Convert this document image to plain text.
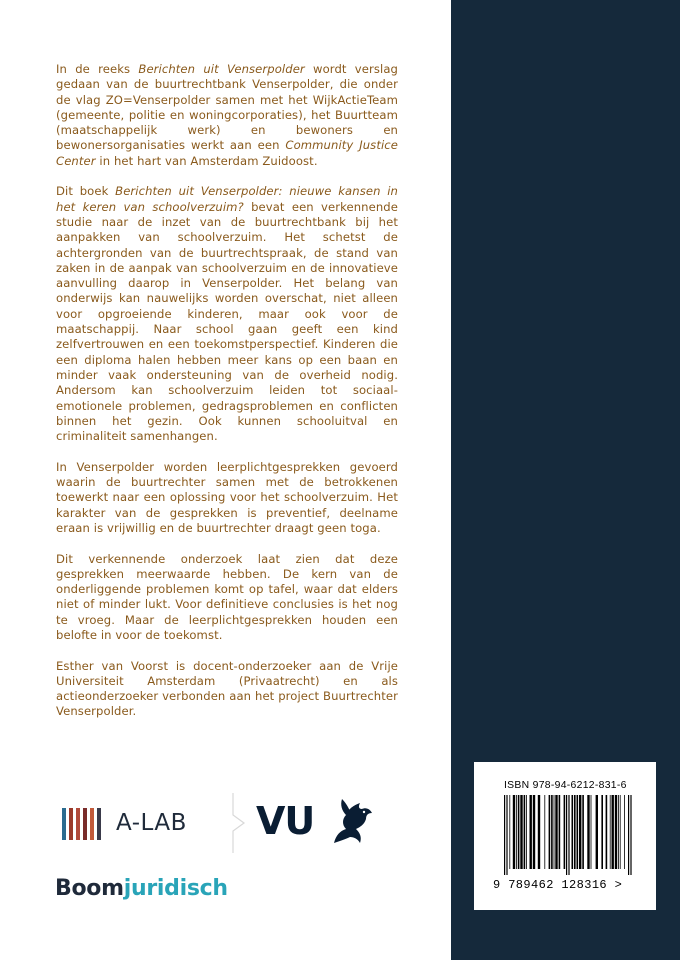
In de reeks Berichten uit Venserpolder wordt verslag gedaan van de buurtrechtbank Venserpolder, die onder de vlag ZO=Venserpolder samen met het WijkActieTeam (gemeente, politie en woningcorporaties), het Buurtteam (maatschappelijk werk) en bewoners en bewonersorganisaties werkt aan een Community Justice Center in het hart van Amsterdam Zuidoost.

Dit boek Berichten uit Venserpolder: nieuwe kansen in het keren van schoolverzuim? bevat een verkennende studie naar de inzet van de buurtrechtbank bij het aanpakken van schoolverzuim. Het schetst de achtergronden van de buurtrechtspraak, de stand van zaken in de aanpak van schoolverzuim en de innovatieve aanvulling daarop in Venserpolder. Het belang van onderwijs kan nauwelijks worden overschat, niet alleen voor opgroeiende kinderen, maar ook voor de maatschappij. Naar school gaan geeft een kind zelfvertrouwen en een toekomstperspectief. Kinderen die een diploma halen hebben meer kans op een baan en minder vaak ondersteuning van de overheid nodig. Andersom kan schoolverzuim leiden tot sociaal-emotionele problemen, gedragsproblemen en conflicten binnen het gezin. Ook kunnen schooluitval en criminaliteit samenhangen.

In Venserpolder worden leerplichtgesprekken gevoerd waarin de buurtrechter samen met de betrokkenen toewerkt naar een oplossing voor het schoolverzuim. Het karakter van de gesprekken is preventief, deelname eraan is vrijwillig en de buurtrechter draagt geen toga.

Dit verkennende onderzoek laat zien dat deze gesprekken meerwaarde hebben. De kern van de onderliggende problemen komt op tafel, waar dat elders niet of minder lukt. Voor definitieve conclusies is het nog te vroeg. Maar de leerplichtgesprekken houden een belofte in voor de toekomst.

Esther van Voorst is docent-onderzoeker aan de Vrije Universiteit Amsterdam (Privaatrecht) en als actieonderzoeker verbonden aan het project Buurtrechter Venserpolder.

A-LAB VU
Boomjuridisch
ISBN 978-94-6212-831-6
9 789462 128316 >
